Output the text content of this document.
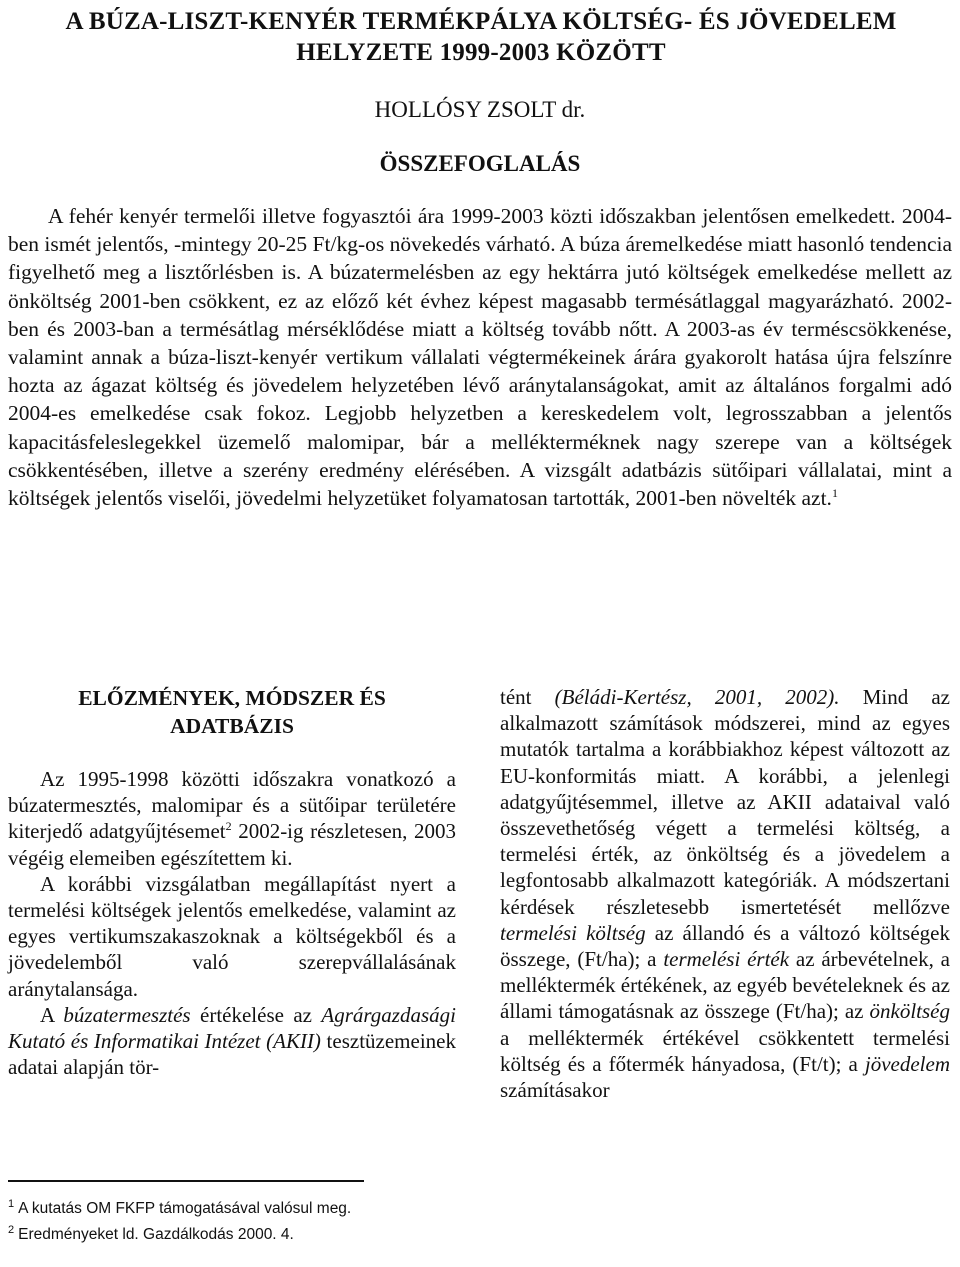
A BÚZA-LISZT-KENYÉR TERMÉKPÁLYA KÖLTSÉG- ÉS JÖVEDELEM
HELYZETE 1999-2003 KÖZÖTT
HOLLÓSY ZSOLT dr.
ÖSSZEFOGLALÁS

A fehér kenyér termelői illetve fogyasztói ára 1999-2003 közti időszakban jelentősen emelkedett. 2004-ben ismét jelentős, -mintegy 20-25 Ft/kg-os növekedés várható. A búza áremelkedése miatt hasonló tendencia figyelhető meg a lisztőrlésben is. A búzatermelésben az egy hektárra jutó költségek emelkedése mellett az önköltség 2001-ben csökkent, ez az előző két évhez képest magasabb termésátlaggal magyarázható. 2002-ben és 2003-ban a termésátlag mérséklődése miatt a költség tovább nőtt. A 2003-as év terméscsökkenése, valamint annak a búza-liszt-kenyér vertikum vállalati végtermékeinek árára gyakorolt hatása újra felszínre hozta az ágazat költség és jövedelem helyzetében lévő aránytalanságokat, amit az általános forgalmi adó 2004-es emelkedése csak fokoz. Legjobb helyzetben a kereskedelem volt, legrosszabban a jelentős kapacitásfeleslegekkel üzemelő malomipar, bár a mellékterméknek nagy szerepe van a költségek csökkentésében, illetve a szerény eredmény elérésében. A vizsgált adatbázis sütőipari vállalatai, mint a költségek jelentős viselői, jövedelmi helyzetüket folyamatosan tartották, 2001-ben növelték azt.$^1$

ELŐZMÉNYEK, MÓDSZER ÉS
ADATBÁZIS

Az 1995-1998 közötti időszakra vonatkozó a búzatermesztés, malomipar és a sütőipar területére kiterjedő adatgyűjtésemet$^2$ 2002-ig részletesen, 2003 végéig elemeiben egészítettem ki.

A korábbi vizsgálatban megállapítást nyert a termelési költségek jelentős emelkedése, valamint az egyes vertikumszakaszoknak a költségekből és a jövedelemből való szerepvállalásának aránytalansága.

A búzatermesztés értékelése az Agrárgazdasági Kutató és Informatikai Intézet (AKII) tesztüzemeinek adatai alapján tör-

tént (Béládi-Kertész, 2001, 2002). Mind az alkalmazott számítások módszerei, mind az egyes mutatók tartalma a korábbiakhoz képest változott az EU-konformitás miatt. A korábbi, a jelenlegi adatgyűjtésemmel, illetve az AKII adataival való összevethetőség végett a termelési költség, a termelési érték, az önköltség és a jövedelem a legfontosabb alkalmazott kategóriák. A módszertani kérdések részletesebb ismertetését mellőzve termelési költség az állandó és a változó költségek összege, (Ft/ha); a termelési érték az árbevételnek, a melléktermék értékének, az egyéb bevételeknek és az állami támogatásnak az összege (Ft/ha); az önköltség a melléktermék értékével csökkentett termelési költség és a főtermék hányadosa, (Ft/t); a jövedelem számításakor

$^1$ A kutatás OM FKFP támogatásával valósul meg.
$^2$ Eredményeket ld. Gazdálkodás 2000. 4.
